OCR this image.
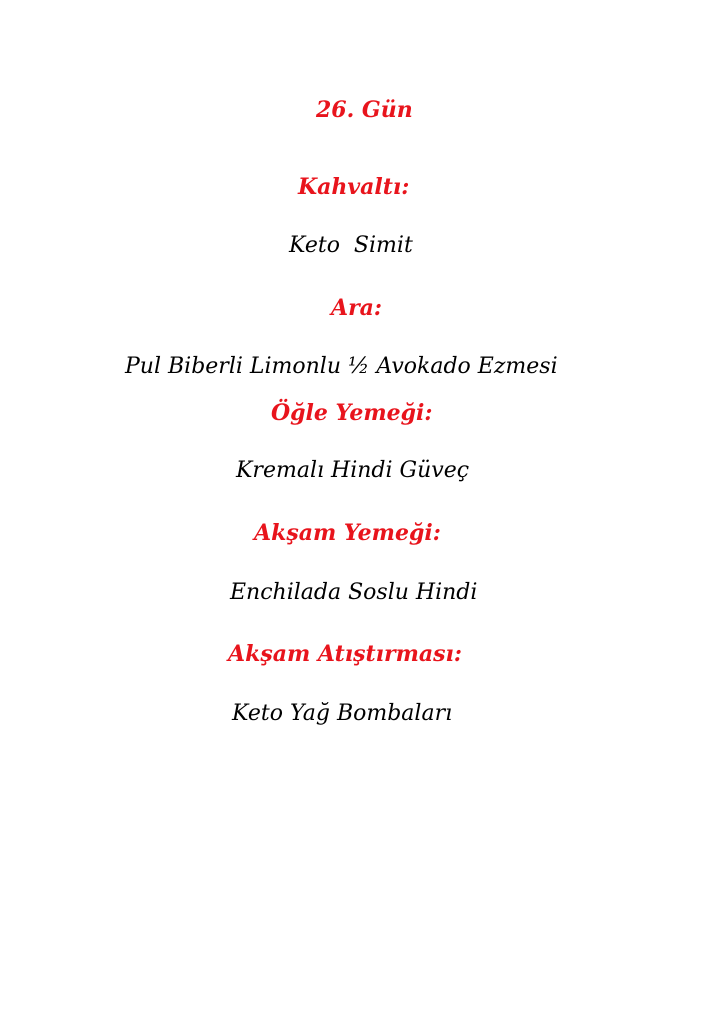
26. Gün
Kahvaltı:
Keto  Simit
Ara:
Pul Biberli Limonlu ½ Avokado Ezmesi
Öğle Yemeği:
Kremalı Hindi Güveç
Akşam Yemeği:
Enchilada Soslu Hindi
Akşam Atıştırması:
Keto Yağ Bombaları
